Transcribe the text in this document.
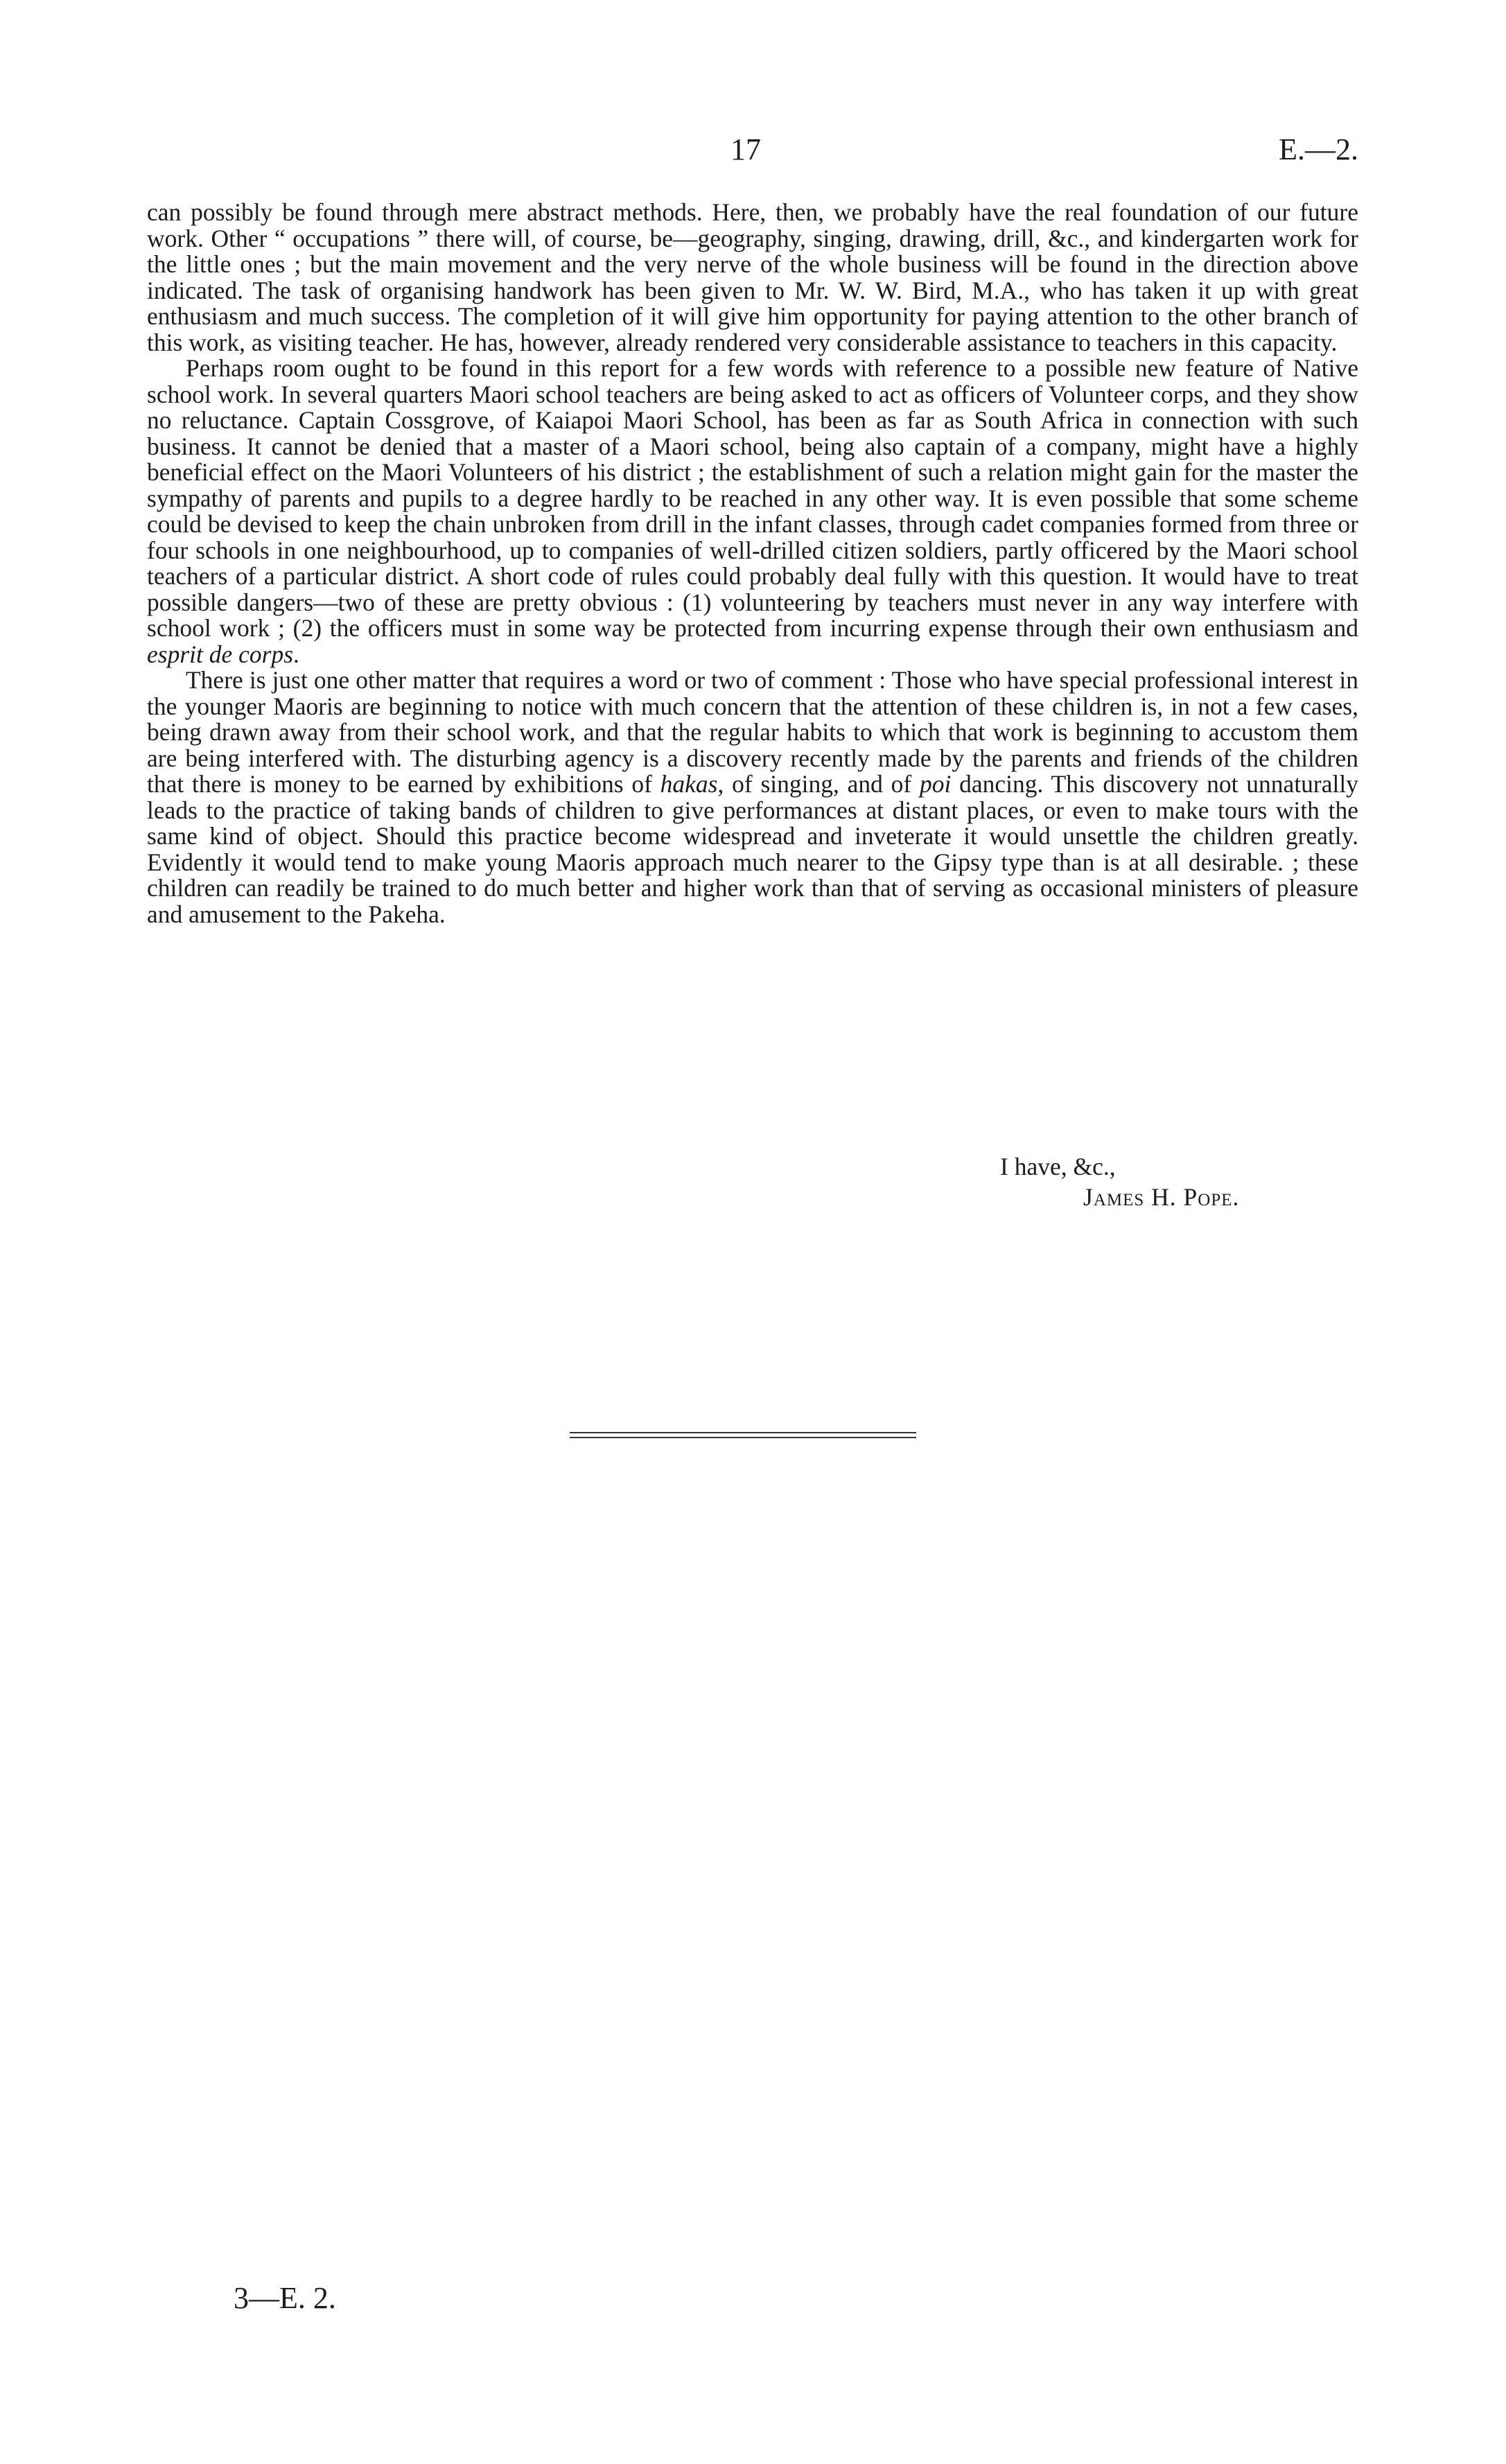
17	E.—2.

can possibly be found through mere abstract methods. Here, then, we probably have the real foundation of our future work. Other “ occupations ” there will, of course, be—geography, singing, drawing, drill, &c., and kindergarten work for the little ones ; but the main movement and the very nerve of the whole business will be found in the direction above indicated. The task of organising handwork has been given to Mr. W. W. Bird, M.A., who has taken it up with great enthusiasm and much success. The completion of it will give him opportunity for paying attention to the other branch of this work, as visiting teacher. He has, however, already rendered very considerable assistance to teachers in this capacity.

Perhaps room ought to be found in this report for a few words with reference to a possible new feature of Native school work. In several quarters Maori school teachers are being asked to act as officers of Volunteer corps, and they show no reluctance. Captain Cossgrove, of Kaiapoi Maori School, has been as far as South Africa in connection with such business. It cannot be denied that a master of a Maori school, being also captain of a company, might have a highly beneficial effect on the Maori Volunteers of his district ; the establishment of such a relation might gain for the master the sympathy of parents and pupils to a degree hardly to be reached in any other way. It is even possible that some scheme could be devised to keep the chain unbroken from drill in the infant classes, through cadet companies formed from three or four schools in one neighbourhood, up to companies of well-drilled citizen soldiers, partly officered by the Maori school teachers of a particular district. A short code of rules could probably deal fully with this question. It would have to treat possible dangers—two of these are pretty obvious : (1) volunteering by teachers must never in any way interfere with school work ; (2) the officers must in some way be protected from incurring expense through their own enthusiasm and esprit de corps.

There is just one other matter that requires a word or two of comment : Those who have special professional interest in the younger Maoris are beginning to notice with much concern that the attention of these children is, in not a few cases, being drawn away from their school work, and that the regular habits to which that work is beginning to accustom them are being interfered with. The disturbing agency is a discovery recently made by the parents and friends of the children that there is money to be earned by exhibitions of hakas, of singing, and of poi dancing. This discovery not unnaturally leads to the practice of taking bands of children to give performances at distant places, or even to make tours with the same kind of object. Should this practice become widespread and inveterate it would unsettle the children greatly. Evidently it would tend to make young Maoris approach much nearer to the Gipsy type than is at all desirable. ; these children can readily be trained to do much better and higher work than that of serving as occasional ministers of pleasure and amusement to the Pakeha.

I have, &c.,
James H. Pope.
3—E. 2.
